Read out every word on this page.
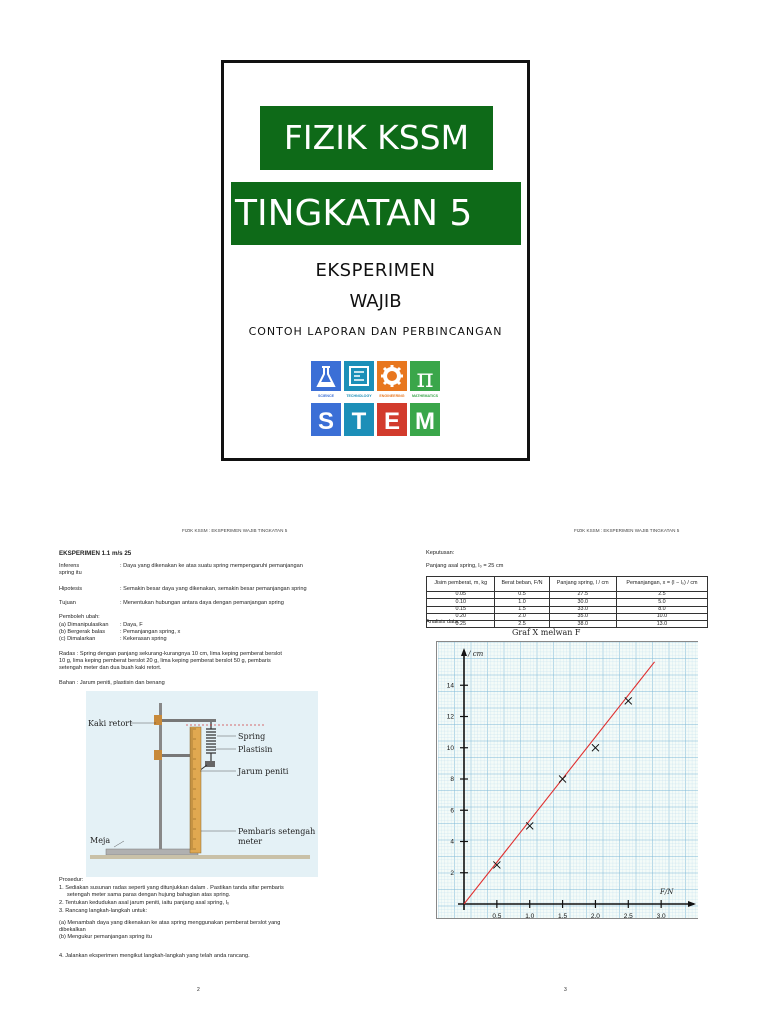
FIZIK KSSM
TINGKATAN 5
EKSPERIMEN
WAJIB
CONTOH LAPORAN DAN PERBINCANGAN
π
SCIENCE	TECHNOLOGY ENGINEERING MATHEMATICS
S T E M
FIZIK KSSM : EKSPERIMEN WAJIB TINGKATAN 5
EKSPERIMEN 1.1 m/s 25
Inferens	: Daya yang dikenakan ke atas suatu spring mempengaruhi pemanjangan
spring itu
Hipotesis	: Semakin besar daya yang dikenakan, semakin besar pemanjangan spring
Tujuan	: Menentukan hubungan antara daya dengan pemanjangan spring
Pemboleh ubah:
(a) Dimanipulasikan	: Daya, F
(b) Bergerak balas	: Pemanjangan spring, x
(c) Dimalarkan	: Kekerasan spring
Radas : Spring dengan panjang sekurang-kurangnya 10 cm, lima keping pemberat berslot
10 g, lima keping pemberat berslot 20 g, lima keping pemberat berslot 50 g, pembaris
setengah meter dan dua buah kaki retort.
Bahan : Jarum peniti, plastisin dan benang
Kaki retort
Spring
Plastisin
Jarum peniti
Meja
Pembaris setengah
meter
Prosedur:
1. Sediakan susunan radas seperti yang ditunjukkan dalam . Pastikan tanda sifar pembaris
setengah meter sama paras dengan hujung bahagian atas spring.
2. Tentukan kedudukan asal jarum peniti, iaitu panjang asal spring, l₀
3. Rancang langkah-langkah untuk:
(a) Menambah daya yang dikenakan ke atas spring menggunakan pemberat berslot yang
dibekalkan
(b) Mengukur pemanjangan spring itu
4. Jalankan eksperimen mengikut langkah-langkah yang telah anda rancang.
2
FIZIK KSSM : EKSPERIMEN WAJIB TINGKATAN 5
Keputusan:
Panjang asal spring, l₀ = 25 cm
Jisim pemberat, m, kg	Berat beban, F/N	Panjang spring, l / cm	Pemanjangan, x = (l − l₀) / cm
0.05	0.5	27.5	2.5
0.10	1.0	30.0	5.0
0.15	1.5	33.0	8.0
0.20	2.0	35.0	10.0
0.25	2.5	38.0	13.0
Analisis data:
Graf X melwan F
0.5	1.0	1.5	2.0	2.5	3.0
2
4
6
8
10
12
14
x / cm
F/N
3
